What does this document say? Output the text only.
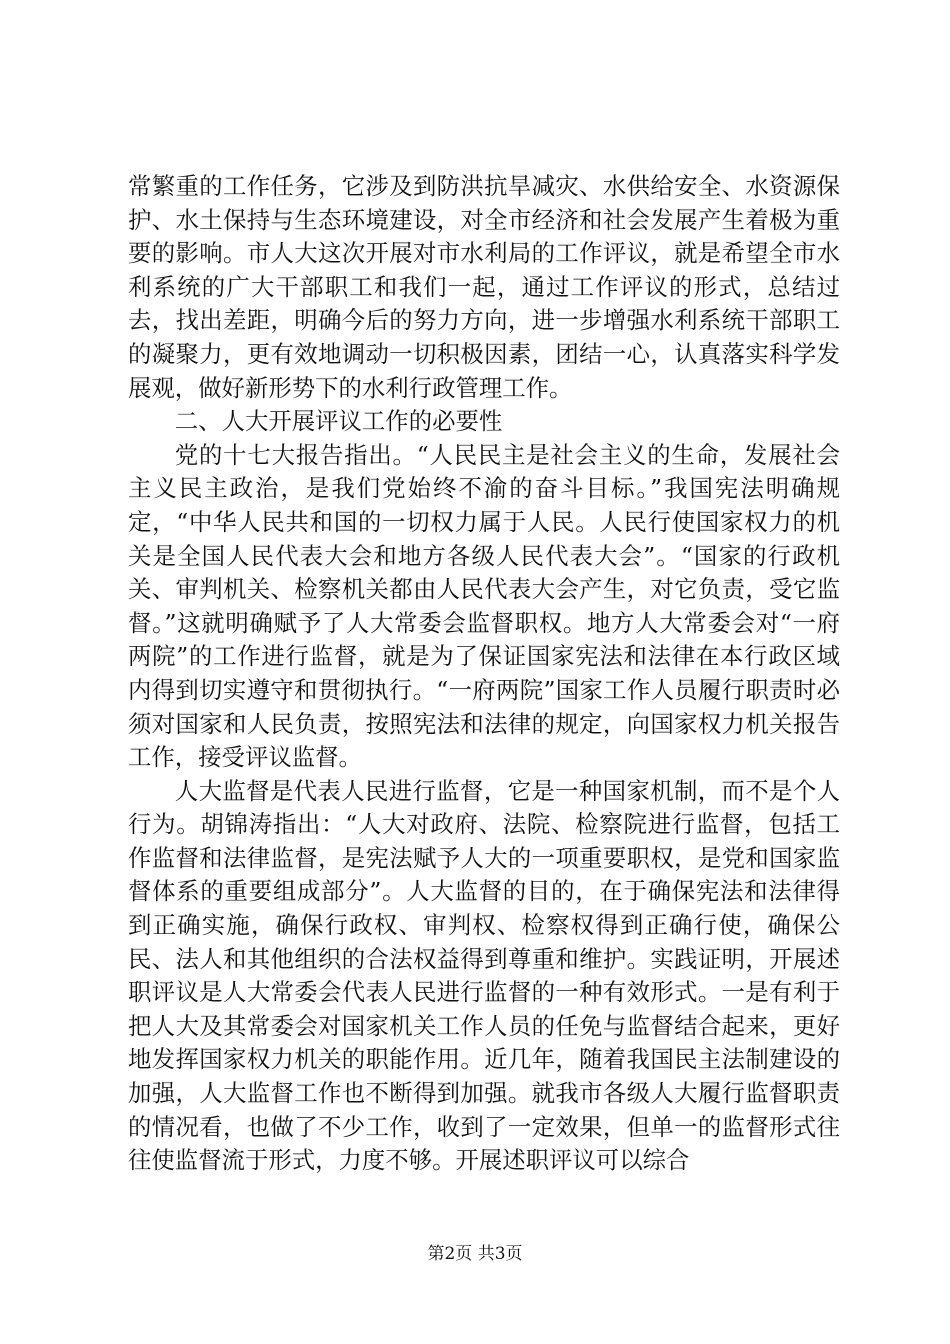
常繁重的工作任务，它涉及到防洪抗旱减灾、水供给安全、水资源保护、水土保持与生态环境建设，对全市经济和社会发展产生着极为重要的影响。市人大这次开展对市水利局的工作评议，就是希望全市水利系统的广大干部职工和我们一起，通过工作评议的形式，总结过去，找出差距，明确今后的努力方向，进一步增强水利系统干部职工的凝聚力，更有效地调动一切积极因素，团结一心，认真落实科学发展观，做好新形势下的水利行政管理工作。

二、人大开展评议工作的必要性

党的十七大报告指出。“人民民主是社会主义的生命，发展社会主义民主政治，是我们党始终不渝的奋斗目标。”我国宪法明确规定，“中华人民共和国的一切权力属于人民。人民行使国家权力的机关是全国人民代表大会和地方各级人民代表大会”。“国家的行政机关、审判机关、检察机关都由人民代表大会产生，对它负责，受它监督。”这就明确赋予了人大常委会监督职权。地方人大常委会对“一府两院”的工作进行监督，就是为了保证国家宪法和法律在本行政区域内得到切实遵守和贯彻执行。“一府两院”国家工作人员履行职责时必须对国家和人民负责，按照宪法和法律的规定，向国家权力机关报告工作，接受评议监督。

人大监督是代表人民进行监督，它是一种国家机制，而不是个人行为。胡锦涛指出：“人大对政府、法院、检察院进行监督，包括工作监督和法律监督，是宪法赋予人大的一项重要职权，是党和国家监督体系的重要组成部分”。人大监督的目的，在于确保宪法和法律得到正确实施，确保行政权、审判权、检察权得到正确行使，确保公民、法人和其他组织的合法权益得到尊重和维护。实践证明，开展述职评议是人大常委会代表人民进行监督的一种有效形式。一是有利于把人大及其常委会对国家机关工作人员的任免与监督结合起来，更好地发挥国家权力机关的职能作用。近几年，随着我国民主法制建设的加强，人大监督工作也不断得到加强。就我市各级人大履行监督职责的情况看，也做了不少工作，收到了一定效果，但单一的监督形式往往使监督流于形式，力度不够。开展述职评议可以综合

第2页 共3页
